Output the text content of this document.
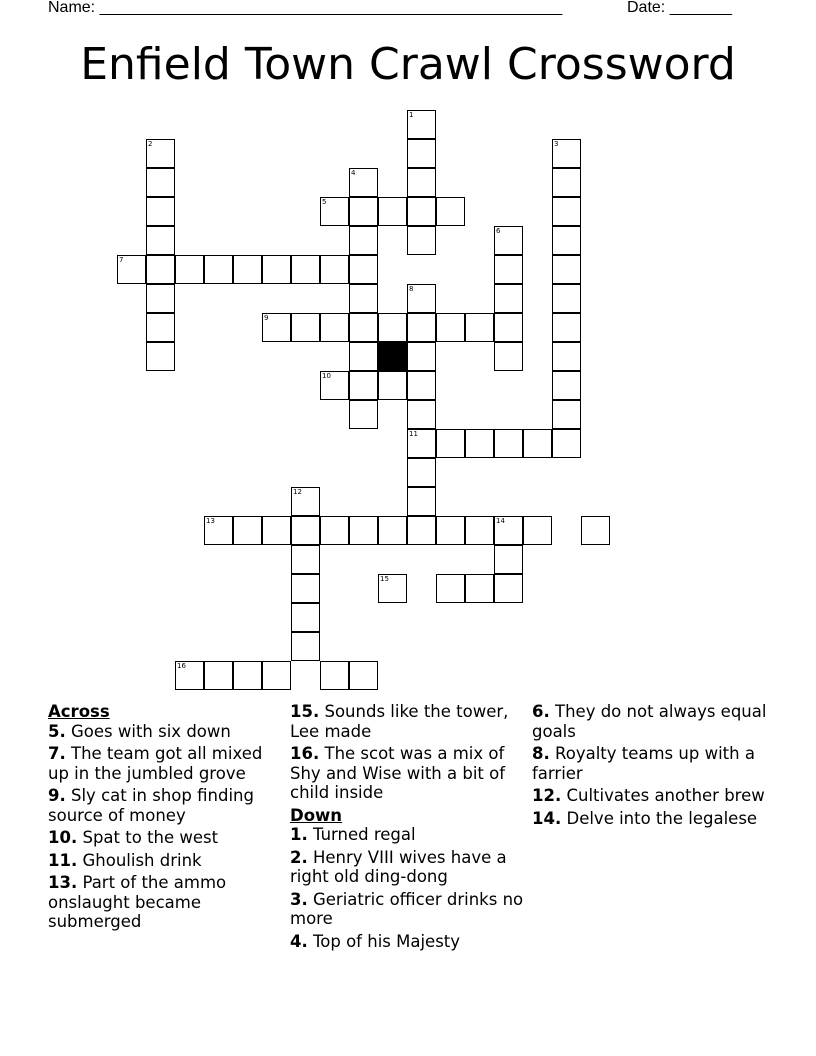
Name: ____________________________________________________	Date: _______
Enfield Town Crawl Crossword
1
2	3
4
5
6
7
8
11
9
10
12
13	14
15
16
Across
5. Goes with six down
7. The team got all mixed up in the jumbled grove
9. Sly cat in shop finding source of money
10. Spat to the west
11. Ghoulish drink
13. Part of the ammo onslaught became submerged
15. Sounds like the tower, Lee made
16. The scot was a mix of Shy and Wise with a bit of child inside
Down
1. Turned regal
2. Henry VIII wives have a right old ding-dong
3. Geriatric officer drinks no more
4. Top of his Majesty
6. They do not always equal goals
8. Royalty teams up with a farrier
12. Cultivates another brew
14. Delve into the legalese
